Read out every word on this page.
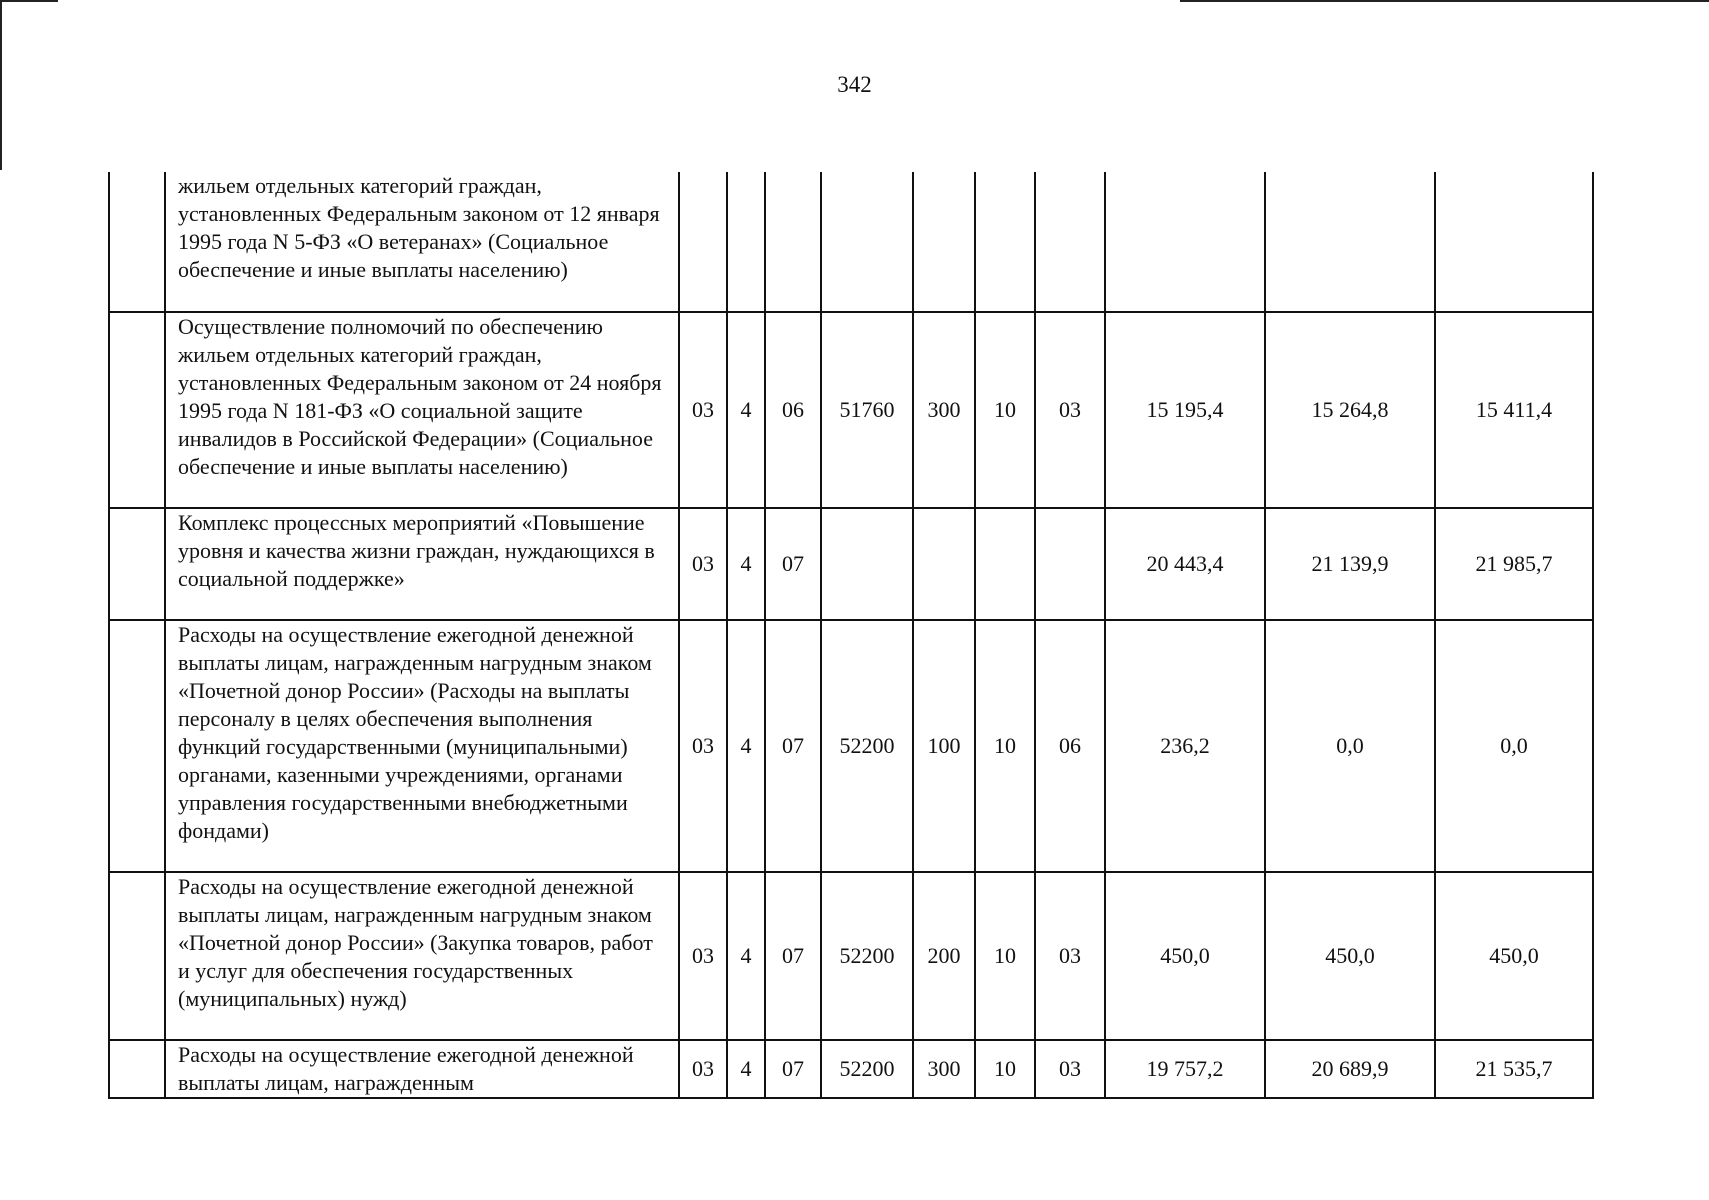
342
	жильем отдельных категорий граждан, установленных Федеральным законом от 12 января 1995 года N 5-ФЗ «О ветеранах» (Социальное обеспечение и иные выплаты населению)										
	Осуществление полномочий по обеспечению жильем отдельных категорий граждан, установленных Федеральным законом от 24 ноября 1995 года N 181-ФЗ «О социальной защите инвалидов в Российской Федерации» (Социальное обеспечение и иные выплаты населению)	03	4	06	51760	300	10	03	15 195,4	15 264,8	15 411,4
	Комплекс процессных мероприятий «Повышение уровня и качества жизни граждан, нуждающихся в социальной поддержке»	03	4	07					20 443,4	21 139,9	21 985,7
	Расходы на осуществление ежегодной денежной выплаты лицам, награжденным нагрудным знаком «Почетной донор России» (Расходы на выплаты персоналу в целях обеспечения выполнения функций государственными (муниципальными) органами, казенными учреждениями, органами управления государственными внебюджетными фондами)	03	4	07	52200	100	10	06	236,2	0,0	0,0
	Расходы на осуществление ежегодной денежной выплаты лицам, награжденным нагрудным знаком «Почетной донор России» (Закупка товаров, работ и услуг для обеспечения государственных (муниципальных) нужд)	03	4	07	52200	200	10	03	450,0	450,0	450,0
	Расходы на осуществление ежегодной денежной выплаты лицам, награжденным	03	4	07	52200	300	10	03	19 757,2	20 689,9	21 535,7
